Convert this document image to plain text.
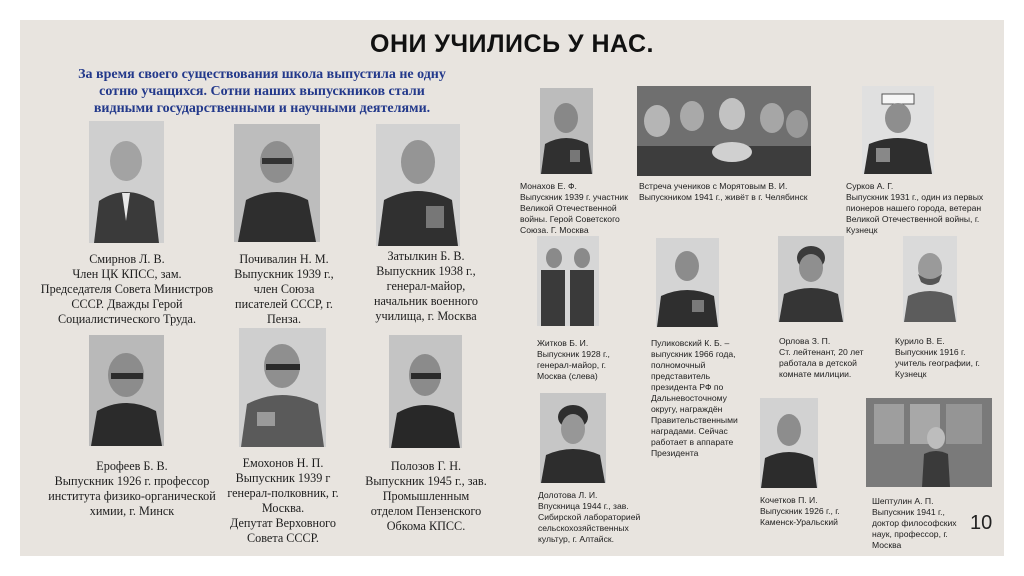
ОНИ УЧИЛИСЬ У НАС.
За время своего существования школа выпустила не одну
сотню учащихся. Сотни наших выпускников стали
видными государственными и научными деятелями.
Смирнов Л. В.
Член ЦК КПСС, зам.
Председателя Совета Министров
СССР. Дважды Герой
Социалистического Труда.
Почивалин Н. М.
Выпускник 1939 г.,
член Союза
писателей СССР, г.
Пенза.
Затылкин Б. В.
Выпускник 1938 г.,
генерал-майор,
начальник военного
училища, г. Москва
Ерофеев Б. В.
Выпускник 1926 г. профессор
института физико-органической
химии, г. Минск
Емохонов Н. П.
Выпускник 1939 г
генерал-полковник, г.
Москва.
Депутат Верховного
Совета СССР.
Полозов Г. Н.
Выпускник 1945 г., зав.
Промышленным
отделом Пензенского
Обкома КПСС.
Монахов Е. Ф.
Выпускник 1939 г. участник
Великой Отечественной
войны. Герой Советского
Союза. Г. Москва
Встреча учеников с Морятовым В. И.
Выпускником 1941 г., живёт в г. Челябинск
Сурков А. Г.
Выпускник 1931 г., один из первых
пионеров нашего города, ветеран
Великой Отечественной войны, г.
Кузнецк
Житков Б. И.
Выпускник 1928 г.,
генерал-майор, г.
Москва (слева)
Пуликовский К. Б. –
выпускник 1966 года,
полномочный
представитель
президента РФ по
Дальневосточному
округу, награждён
Правительственными
наградами. Сейчас
работает в аппарате
Президента
Орлова З. П.
Ст. лейтенант, 20 лет
работала в детской
комнате милиции.
Курило В. Е.
Выпускник 1916 г.
учитель географии, г.
Кузнецк
Долотова Л. И.
Впускница 1944 г., зав.
Сибирской лабораторией
сельскохозяйственных
культур, г. Алтайск.
Кочетков П. И.
Выпускник 1926 г., г.
Каменск-Уральский
Шептулин А. П.
Выпускник 1941 г.,
доктор философских
наук, профессор, г.
Москва
10
